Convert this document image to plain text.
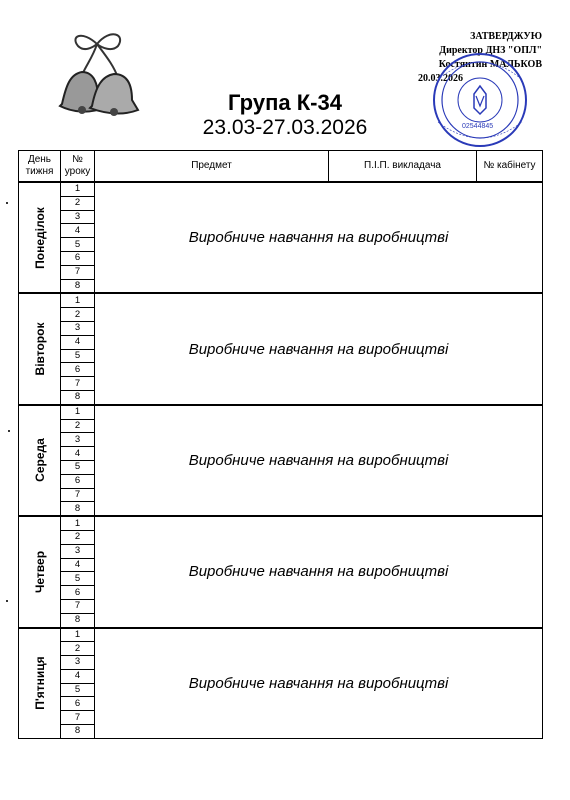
Група К-34
23.03-27.03.2026
ЗАТВЕРДЖУЮ
Директор ДНЗ "ОПЛ"
Костянтин МАЛЬКОВ
20.03.2026
02544845
День тижня	№ уроку	Предмет	П.І.П. викладача	№ кабінету

Понеділок	1	Виробниче навчання на виробництві		
	2			
	3			
	4			
	5			
	6			
	7			
	8			

Вівторок	1	Виробниче навчання на виробництві		
	2			
	3			
	4			
	5			
	6			
	7			
	8			

Середа	1	Виробниче навчання на виробництві		
	2			
	3			
	4			
	5			
	6			
	7			
	8			

Четвер	1	Виробниче навчання на виробництві		
	2			
	3			
	4			
	5			
	6			
	7			
	8			

П'ятниця	1	Виробниче навчання на виробництві		
	2			
	3			
	4			
	5			
	6			
	7			
	8			
